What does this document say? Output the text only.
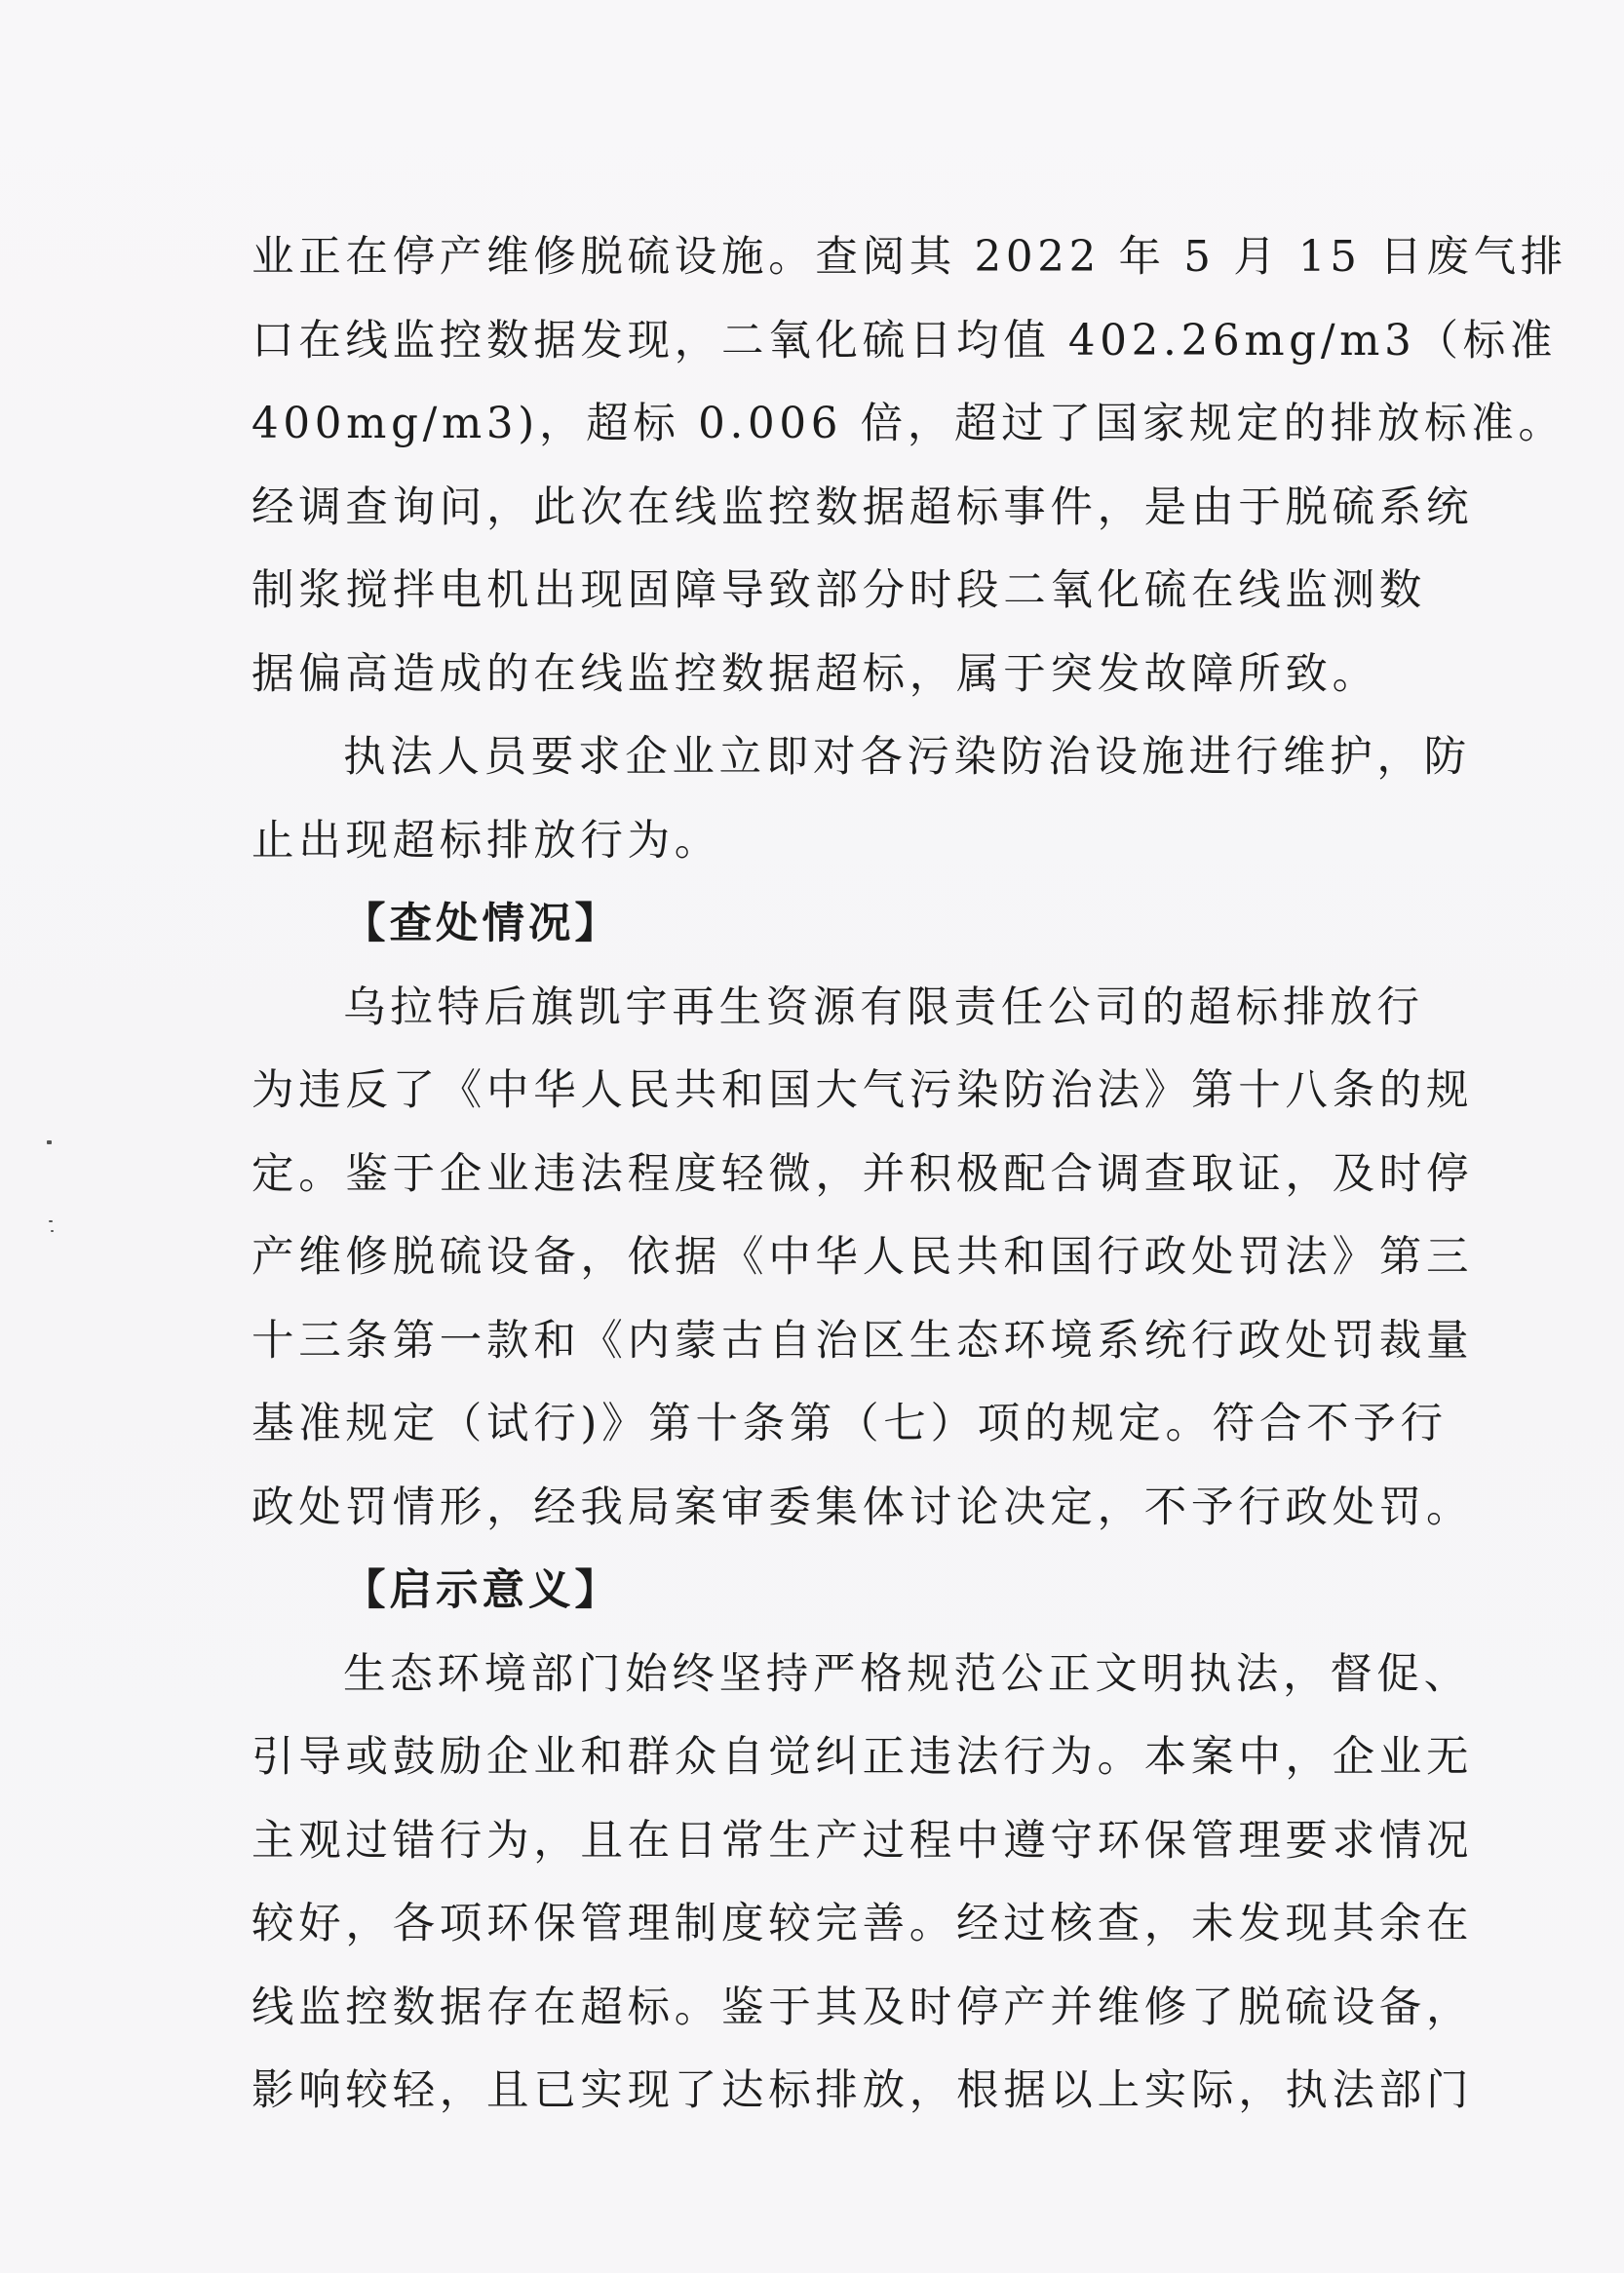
业正在停产维修脱硫设施。查阅其 2022 年 5 月 15 日废气排
口在线监控数据发现，二氧化硫日均值 402.26mg/m3（标准
400mg/m3)，超标 0.006 倍，超过了国家规定的排放标准。
经调查询问，此次在线监控数据超标事件，是由于脱硫系统
制浆搅拌电机出现固障导致部分时段二氧化硫在线监测数
据偏高造成的在线监控数据超标，属于突发故障所致。
执法人员要求企业立即对各污染防治设施进行维护，防
止出现超标排放行为。
【查处情况】
乌拉特后旗凯宇再生资源有限责任公司的超标排放行
为违反了《中华人民共和国大气污染防治法》第十八条的规
定。鉴于企业违法程度轻微，并积极配合调查取证，及时停
产维修脱硫设备，依据《中华人民共和国行政处罚法》第三
十三条第一款和《内蒙古自治区生态环境系统行政处罚裁量
基准规定（试行)》第十条第（七）项的规定。符合不予行
政处罚情形，经我局案审委集体讨论决定，不予行政处罚。
【启示意义】
生态环境部门始终坚持严格规范公正文明执法，督促、
引导或鼓励企业和群众自觉纠正违法行为。本案中，企业无
主观过错行为，且在日常生产过程中遵守环保管理要求情况
较好，各项环保管理制度较完善。经过核查，未发现其余在
线监控数据存在超标。鉴于其及时停产并维修了脱硫设备，
影响较轻，且已实现了达标排放，根据以上实际，执法部门
